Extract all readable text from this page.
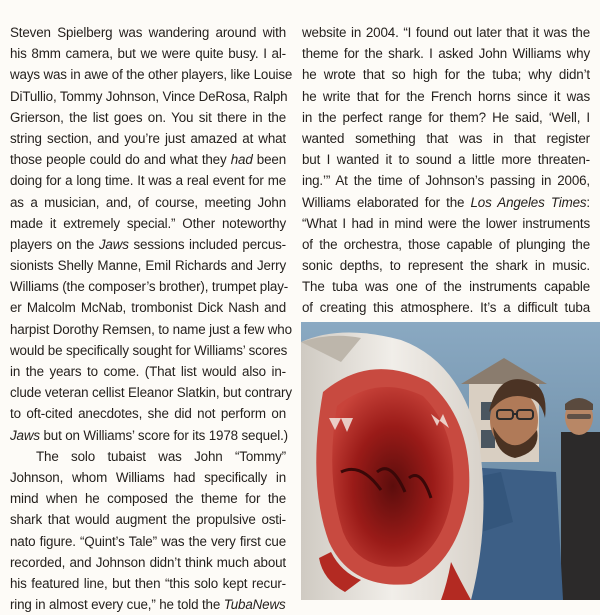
Steven Spielberg was wandering around with
his 8mm camera, but we were quite busy. I al-
ways was in awe of the other players, like Louise
DiTullio, Tommy Johnson, Vince DeRosa, Ralph
Grierson, the list goes on. You sit there in the
string section, and you’re just amazed at what
those people could do and what they had been
doing for a long time. It was a real event for me
as a musician, and, of course, meeting John
made it extremely special.” Other noteworthy
players on the Jaws sessions included percus-
sionists Shelly Manne, Emil Richards and Jerry
Williams (the composer’s brother), trumpet play-
er Malcolm McNab, trombonist Dick Nash and
harpist Dorothy Remsen, to name just a few who
would be specifically sought for Williams’ scores
in the years to come. (That list would also in-
clude veteran cellist Eleanor Slatkin, but contrary
to oft-cited anecdotes, she did not perform on
Jaws but on Williams’ score for its 1978 sequel.)
The solo tubaist was John “Tommy”
Johnson, whom Williams had specifically in
mind when he composed the theme for the
shark that would augment the propulsive osti-
nato figure. “Quint’s Tale” was the very first cue
recorded, and Johnson didn’t think much about
his featured line, but then “this solo kept recur-
ring in almost every cue,” he told the TubaNews
website in 2004. “I found out later that it was the
theme for the shark. I asked John Williams why
he wrote that so high for the tuba; why didn’t
he write that for the French horns since it was
in the perfect range for them? He said, ‘Well, I
wanted something that was in that register
but I wanted it to sound a little more threaten-
ing.’” At the time of Johnson’s passing in 2006,
Williams elaborated for the Los Angeles Times:
“What I had in mind were the lower instruments
of the orchestra, those capable of plunging the
sonic depths, to represent the shark in music.
The tuba was one of the instruments capable
of creating this atmosphere. It’s a difficult tuba
